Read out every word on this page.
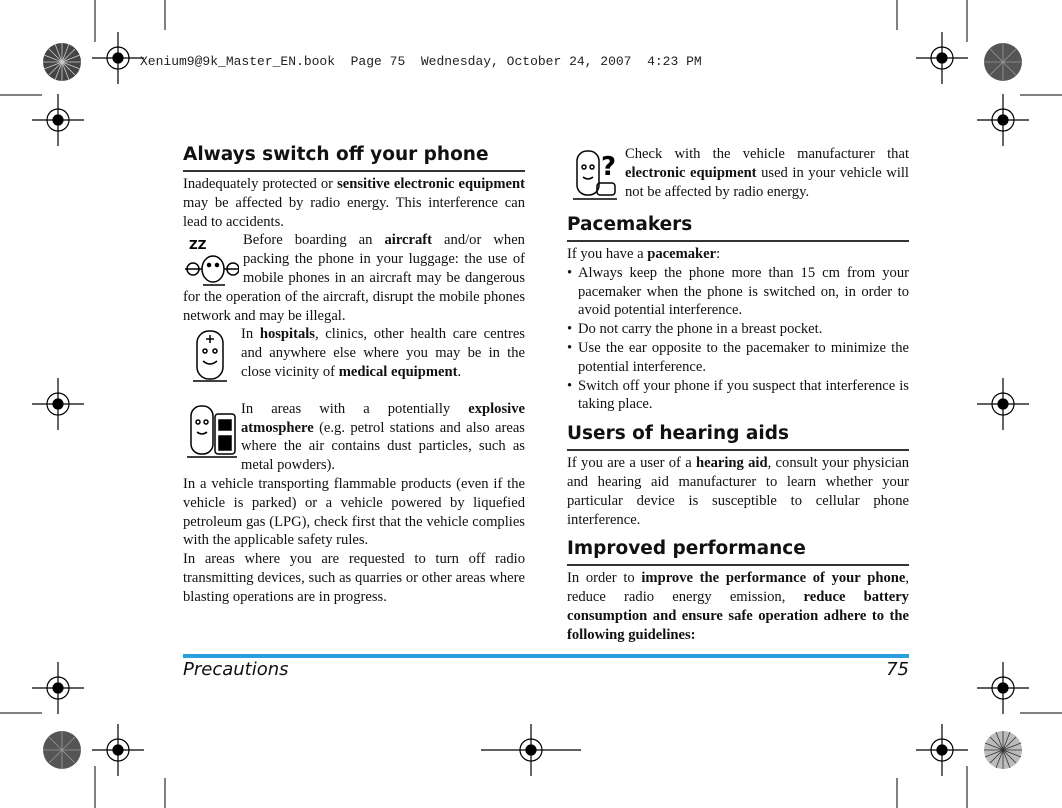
Xenium9@9k_Master_EN.book  Page 75  Wednesday, October 24, 2007  4:23 PM
Always switch off your phone

Inadequately protected or sensitive electronic equipment may be affected by radio energy. This interference can lead to accidents.

ZZ	Before boarding an aircraft and/or when packing the phone in your luggage: the use of mobile phones in an aircraft may be dangerous for the operation of the aircraft, disrupt the mobile phones network and may be illegal.

In hospitals, clinics, other health care centres and anywhere else where you may be in the close vicinity of medical equipment.

In areas with a potentially explosive atmosphere (e.g. petrol stations and also areas where the air contains dust particles, such as metal powders).

In a vehicle transporting flammable products (even if the vehicle is parked) or a vehicle powered by liquefied petroleum gas (LPG), check first that the vehicle complies with the applicable safety rules.

In areas where you are requested to turn off radio transmitting devices, such as quarries or other areas where blasting operations are in progress.

? Check with the vehicle manufacturer that electronic equipment used in your vehicle will not be affected by radio energy.

Pacemakers

If you have a pacemaker:

• Always keep the phone more than 15 cm from your pacemaker when the phone is switched on, in order to avoid potential interference.
• Do not carry the phone in a breast pocket.
• Use the ear opposite to the pacemaker to minimize the potential interference.
• Switch off your phone if you suspect that interference is taking place.
Users of hearing aids

If you are a user of a hearing aid, consult your physician and hearing aid manufacturer to learn whether your particular device is susceptible to cellular phone interference.

Improved performance

In order to improve the performance of your phone, reduce radio energy emission, reduce battery consumption and ensure safe operation adhere to the following guidelines:

Precautions	75
